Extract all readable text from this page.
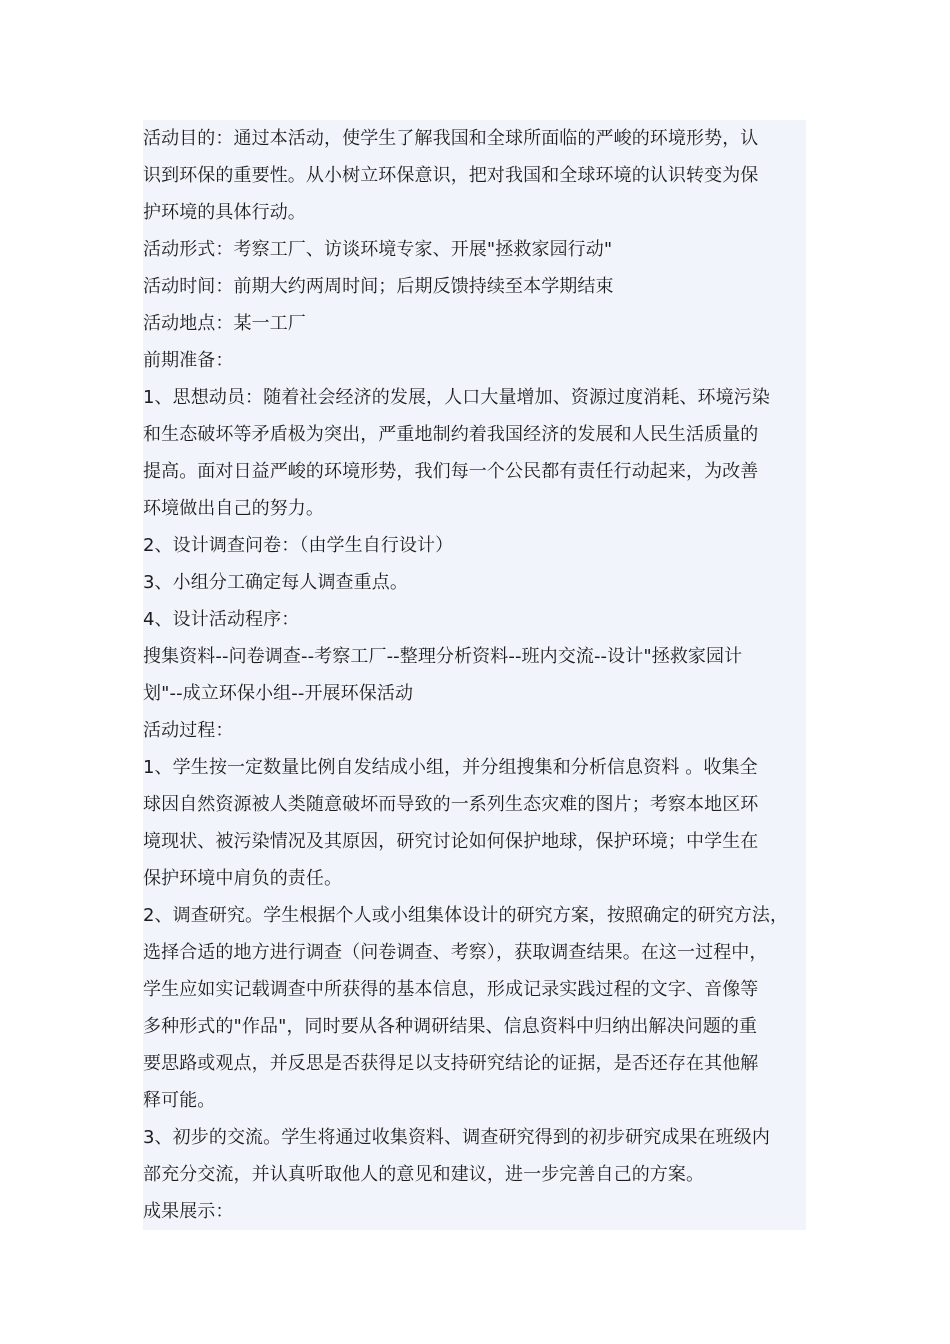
活动目的：通过本活动，使学生了解我国和全球所面临的严峻的环境形势，认
识到环保的重要性。从小树立环保意识，把对我国和全球环境的认识转变为保
护环境的具体行动。
活动形式：考察工厂、访谈环境专家、开展"拯救家园行动"
活动时间：前期大约两周时间；后期反馈持续至本学期结束
活动地点：某一工厂
前期准备：
1、思想动员：随着社会经济的发展，人口大量增加、资源过度消耗、环境污染
和生态破坏等矛盾极为突出，严重地制约着我国经济的发展和人民生活质量的
提高。面对日益严峻的环境形势，我们每一个公民都有责任行动起来，为改善
环境做出自己的努力。
2、设计调查问卷：（由学生自行设计）
3、小组分工确定每人调查重点。
4、设计活动程序：
搜集资料--问卷调查--考察工厂--整理分析资料--班内交流--设计"拯救家园计
划"--成立环保小组--开展环保活动
活动过程：
1、学生按一定数量比例自发结成小组，并分组搜集和分析信息资料 。收集全
球因自然资源被人类随意破坏而导致的一系列生态灾难的图片；考察本地区环
境现状、被污染情况及其原因，研究讨论如何保护地球，保护环境；中学生在
保护环境中肩负的责任。
2、调查研究。学生根据个人或小组集体设计的研究方案，按照确定的研究方法，
选择合适的地方进行调查（问卷调查、考察），获取调查结果。在这一过程中，
学生应如实记载调查中所获得的基本信息，形成记录实践过程的文字、音像等
多种形式的"作品"，同时要从各种调研结果、信息资料中归纳出解决问题的重
要思路或观点，并反思是否获得足以支持研究结论的证据，是否还存在其他解
释可能。
3、初步的交流。学生将通过收集资料、调查研究得到的初步研究成果在班级内
部充分交流，并认真听取他人的意见和建议，进一步完善自己的方案。
成果展示：
